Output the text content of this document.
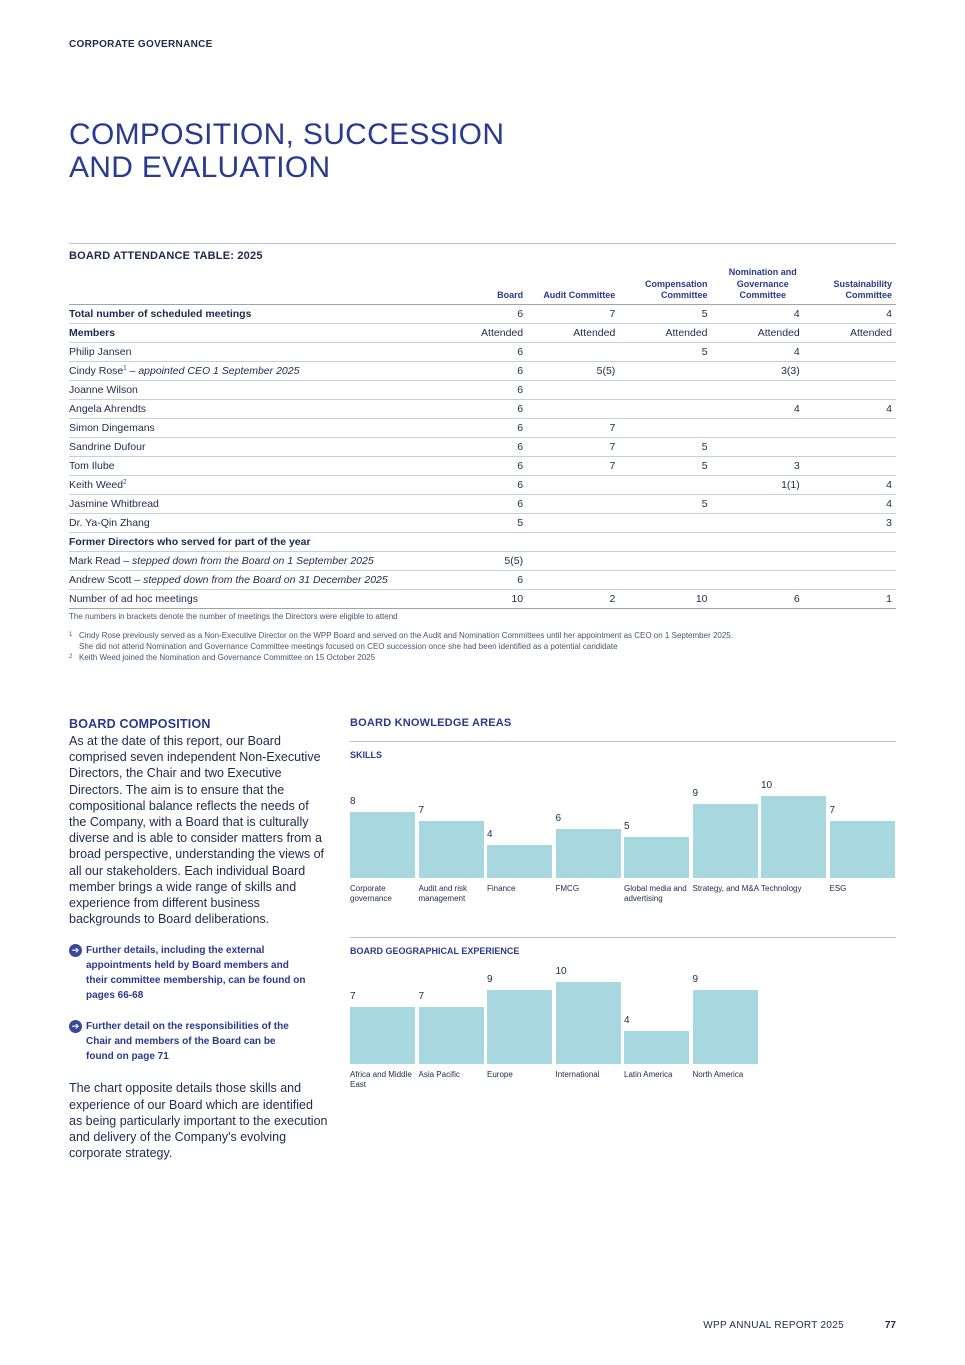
CORPORATE GOVERNANCE
COMPOSITION, SUCCESSION
AND EVALUATION
BOARD ATTENDANCE TABLE: 2025
	Board	Audit Committee	Compensation Committee	Nomination and Governance Committee	Sustainability Committee

Total number of scheduled meetings	6	7	5	4	4
Members	Attended	Attended	Attended	Attended	Attended
Philip Jansen	6		5	4	
Cindy Rose$^1$ – appointed CEO 1 September 2025	6	5(5)		3(3)	
Joanne Wilson	6				
Angela Ahrendts	6			4	4
Simon Dingemans	6	7			
Sandrine Dufour	6	7	5		
Tom Ilube	6	7	5	3	
Keith Weed$^2$	6			1(1)	4
Jasmine Whitbread	6		5		4
Dr. Ya-Qin Zhang	5				3
Former Directors who served for part of the year					
Mark Read – stepped down from the Board on 1 September 2025	5(5)				
Andrew Scott – stepped down from the Board on 31 December 2025	6				
Number of ad hoc meetings	10	2	10	6	1
The numbers in brackets denote the number of meetings the Directors were eligible to attend
1 Cindy Rose previously served as a Non-Executive Director on the WPP Board and served on the Audit and Nomination Committees until her appointment as CEO on 1 September 2025.
She did not attend Nomination and Governance Committee meetings focused on CEO succession once she had been identified as a potential candidate
2 Keith Weed joined the Nomination and Governance Committee on 15 October 2025
BOARD COMPOSITION

As at the date of this report, our Board comprised seven independent Non-Executive Directors, the Chair and two Executive Directors. The aim is to ensure that the compositional balance reflects the needs of the Company, with a Board that is culturally diverse and is able to consider matters from a broad perspective, understanding the views of all our stakeholders. Each individual Board member brings a wide range of skills and experience from different business backgrounds to Board deliberations.

➔ Further details, including the external appointments held by Board members and their committee membership, can be found on pages 66-68
➔ Further detail on the responsibilities of the Chair and members of the Board can be found on page 71

The chart opposite details those skills and experience of our Board which are identified as being particularly important to the execution and delivery of the Company's evolving corporate strategy.

BOARD KNOWLEDGE AREAS
SKILLS
8
Corporate governance
7
Audit and risk management
4
Finance
6
FMCG
5
Global media and advertising
9
Strategy, and M&A
10
Technology
7
ESG
BOARD GEOGRAPHICAL EXPERIENCE
7
Africa and Middle East
7
Asia Pacific
9
Europe
10
International
4
Latin America
9
North America
WPP ANNUAL REPORT 2025	77
